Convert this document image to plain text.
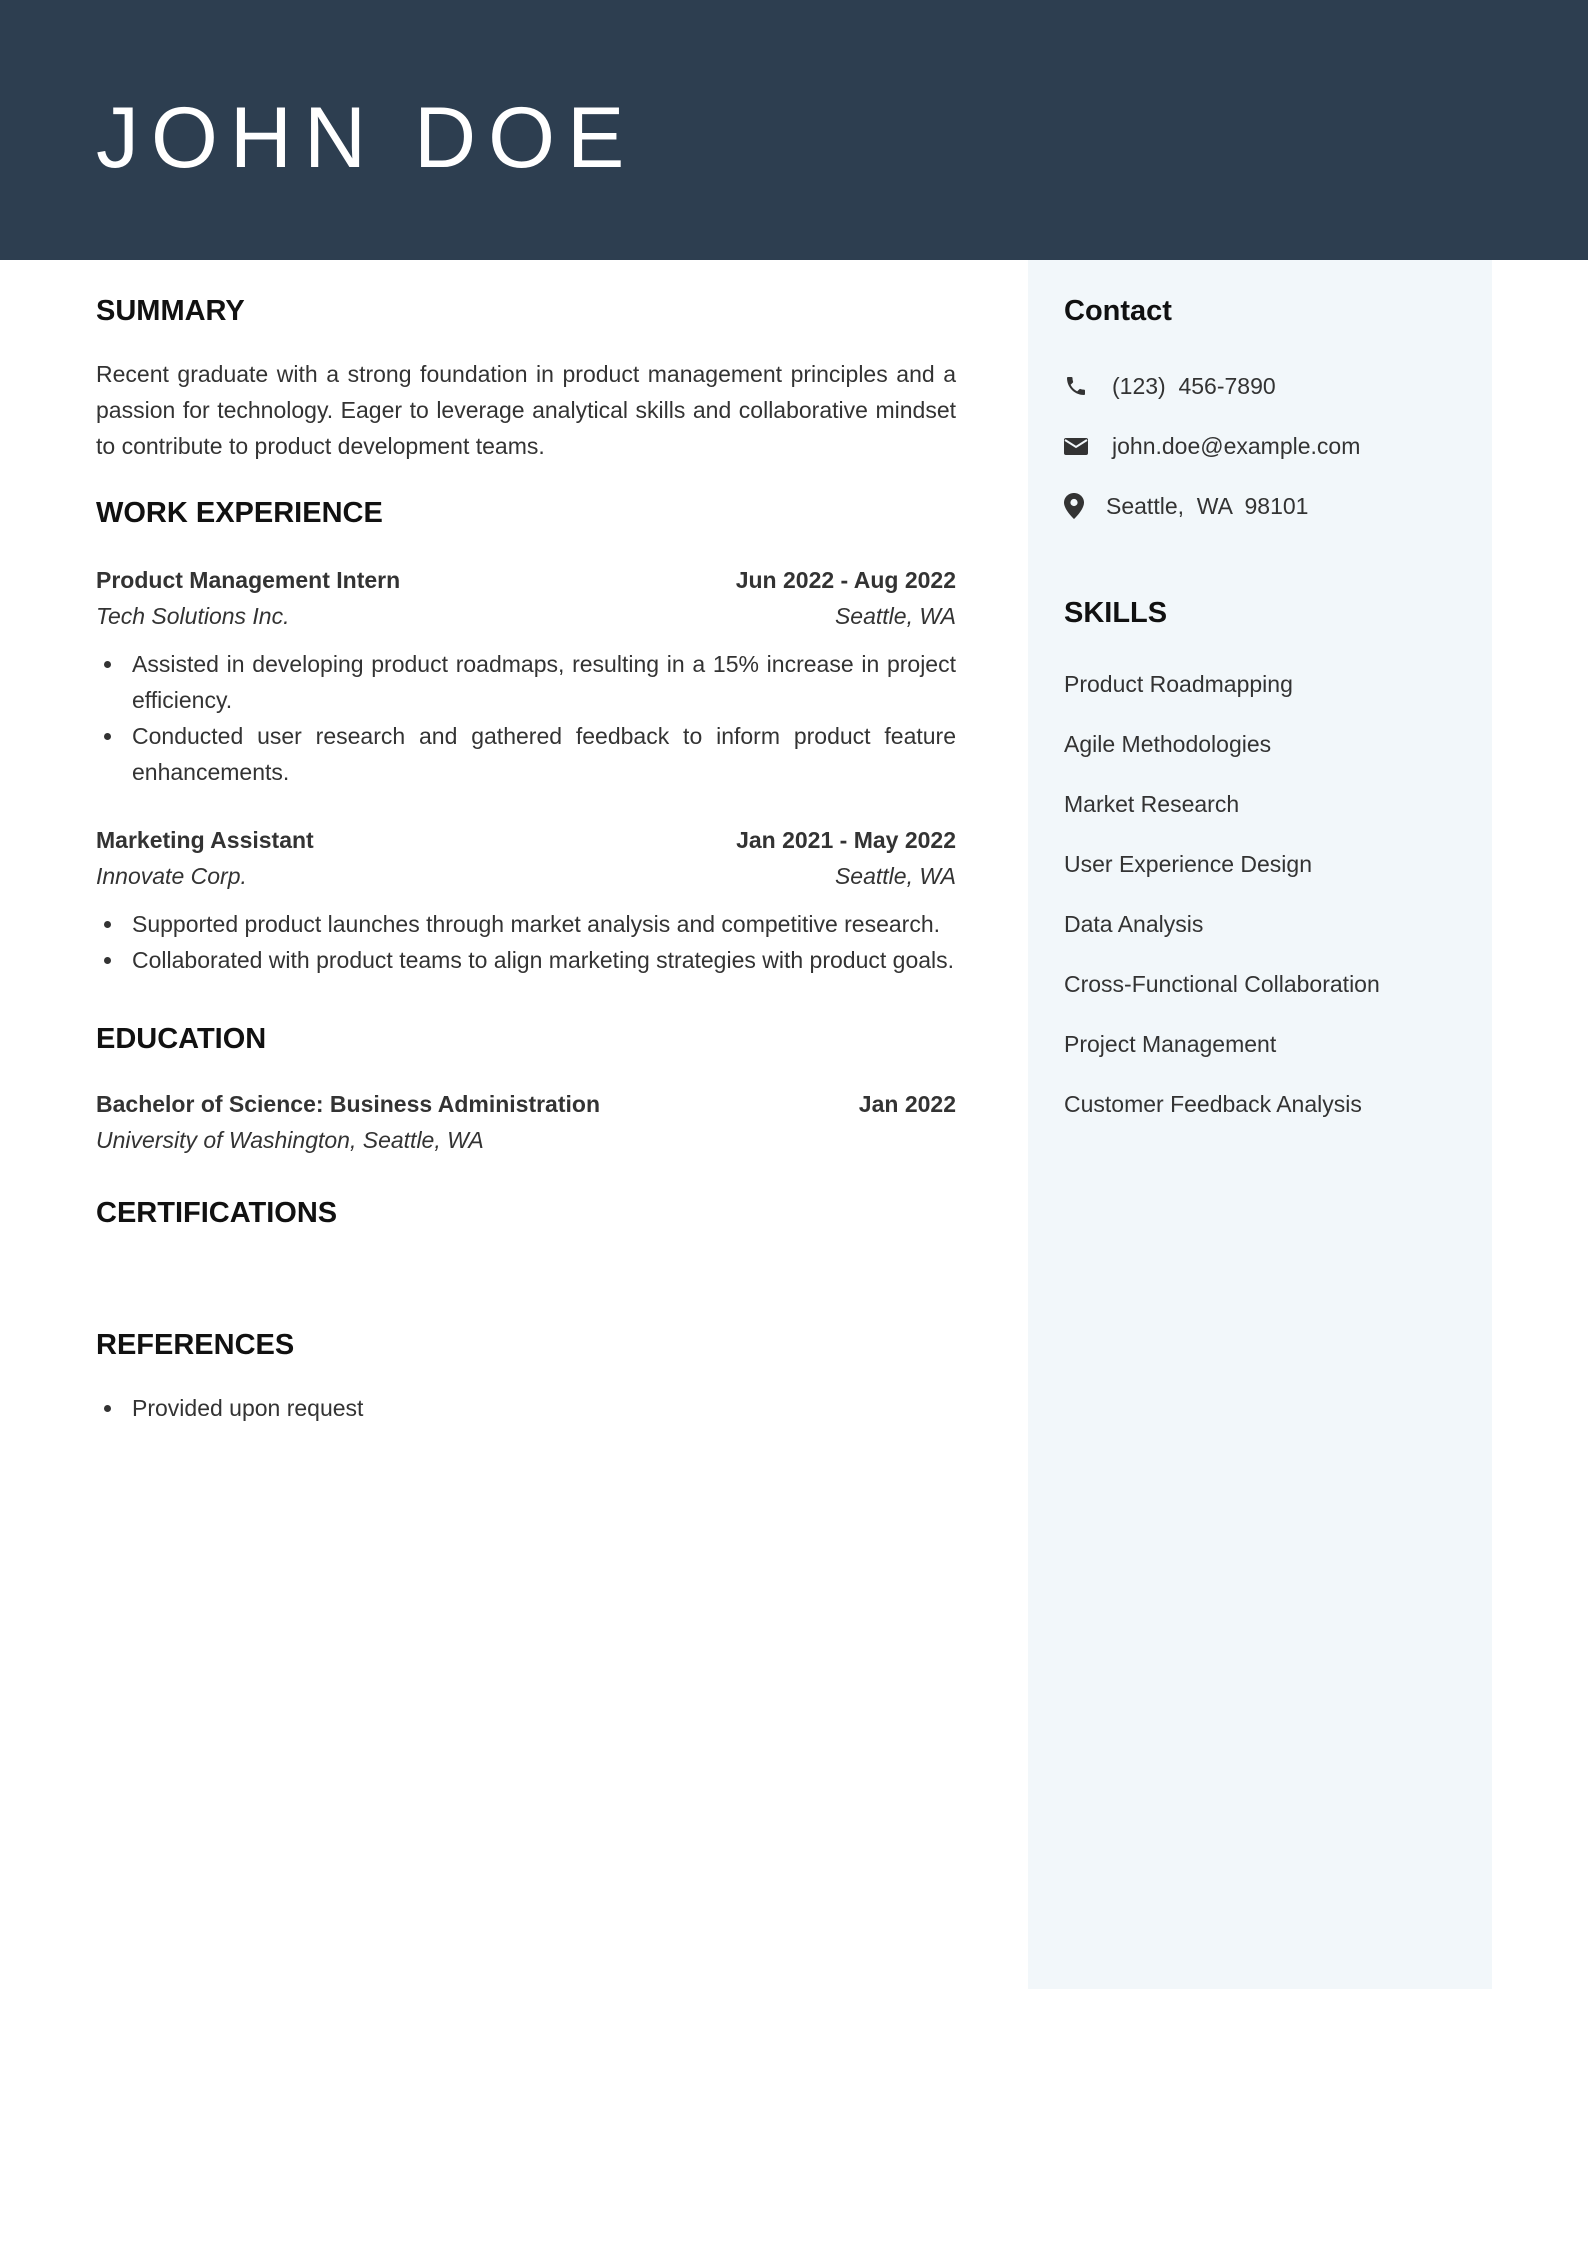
JOHN DOE
SUMMARY
Recent graduate with a strong foundation in product management principles and a passion for technology. Eager to leverage analytical skills and collaborative mindset to contribute to product development teams.
WORK EXPERIENCE
Product Management Intern	Jun 2022 - Aug 2022
Tech Solutions Inc.	Seattle, WA
Assisted in developing product roadmaps, resulting in a 15% increase in project efficiency.
Conducted user research and gathered feedback to inform product feature enhancements.
Marketing Assistant	Jan 2021 - May 2022
Innovate Corp.	Seattle, WA
Supported product launches through market analysis and competitive research.
Collaborated with product teams to align marketing strategies with product goals.
EDUCATION
Bachelor of Science: Business Administration	Jan 2022
University of Washington, Seattle, WA
CERTIFICATIONS
REFERENCES
Provided upon request
Contact
(123)  456-7890
john.doe@example.com
Seattle,  WA  98101
SKILLS
Product Roadmapping
Agile Methodologies
Market Research
User Experience Design
Data Analysis
Cross-Functional Collaboration
Project Management
Customer Feedback Analysis
